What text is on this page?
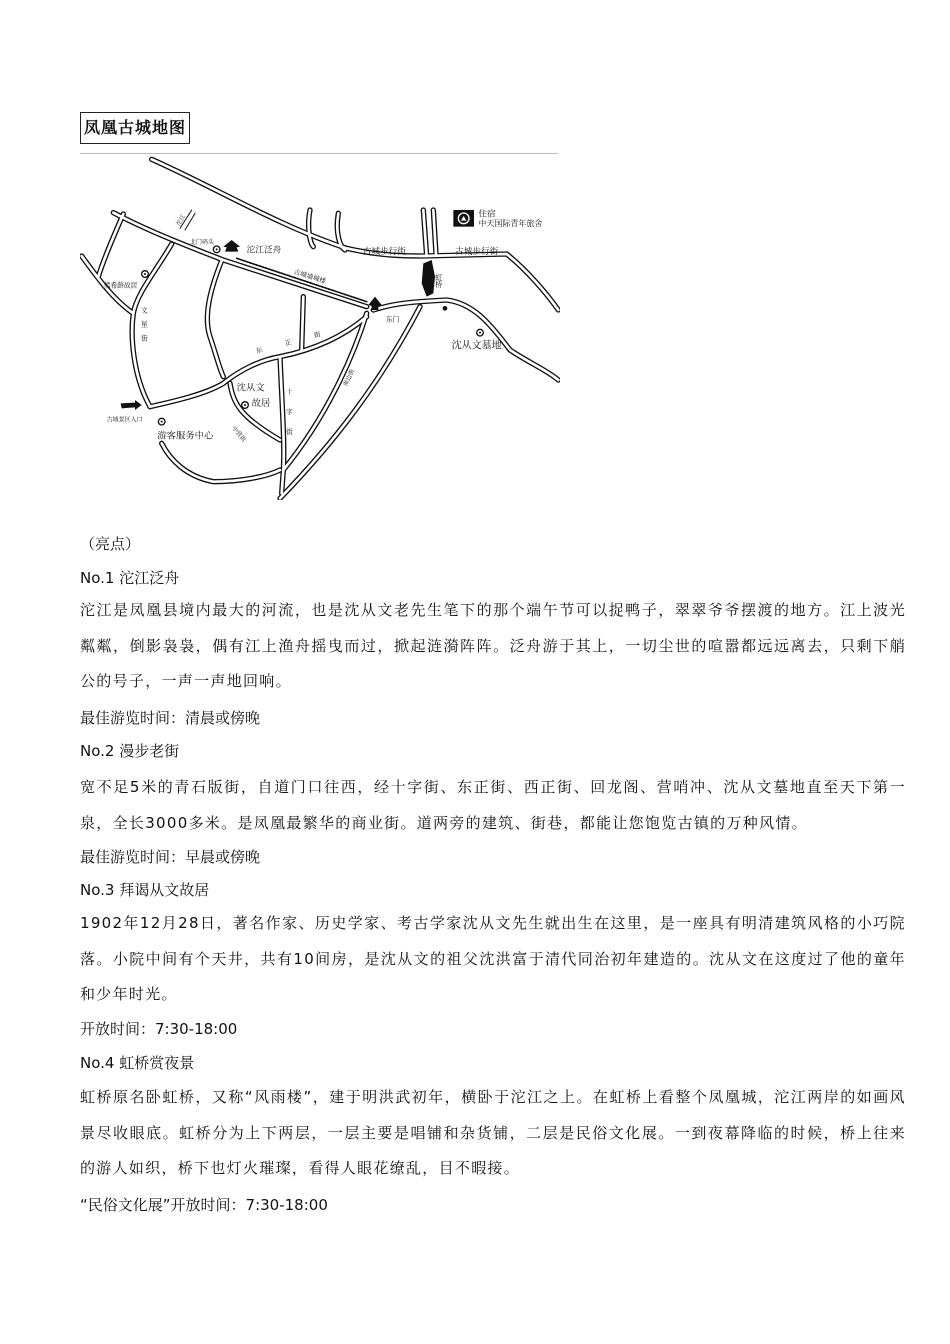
凤凰古城地图
沱江
北门码头
沱江泛舟	古城步行街 古城步行街
住宿
中天国际青年旅舍
虹桥
古城墙城楼
东门
沈从文墓地
熊希龄故居
文星街	东正街
沈从文
故居 十字街
南边街
中营街
古城景区入口
游客服务中心
（亮点）
No.1 沱江泛舟
沱江是凤凰县境内最大的河流，也是沈从文老先生笔下的那个端午节可以捉鸭子，翠翠爷爷摆渡的地方。江上波光粼粼，倒影袅袅，偶有江上渔舟摇曳而过，掀起涟漪阵阵。泛舟游于其上，一切尘世的喧嚣都远远离去，只剩下艄公的号子，一声一声地回响。
最佳游览时间：清晨或傍晚
No.2 漫步老街
宽不足5米的青石版街，自道门口往西，经十字街、东正街、西正街、回龙阁、营哨冲、沈从文墓地直至天下第一泉，全长3000多米。是凤凰最繁华的商业街。道两旁的建筑、街巷，都能让您饱览古镇的万种风情。
最佳游览时间：早晨或傍晚
No.3 拜谒从文故居
1902年12月28日，著名作家、历史学家、考古学家沈从文先生就出生在这里，是一座具有明清建筑风格的小巧院落。小院中间有个天井，共有10间房，是沈从文的祖父沈洪富于清代同治初年建造的。沈从文在这度过了他的童年和少年时光。
开放时间：7:30-18:00
No.4 虹桥赏夜景
虹桥原名卧虹桥，又称“风雨楼”，建于明洪武初年，横卧于沱江之上。在虹桥上看整个凤凰城，沱江两岸的如画风景尽收眼底。虹桥分为上下两层，一层主要是唱铺和杂货铺，二层是民俗文化展。一到夜幕降临的时候，桥上往来的游人如织，桥下也灯火璀璨，看得人眼花缭乱，目不暇接。
“民俗文化展”开放时间：7:30-18:00
